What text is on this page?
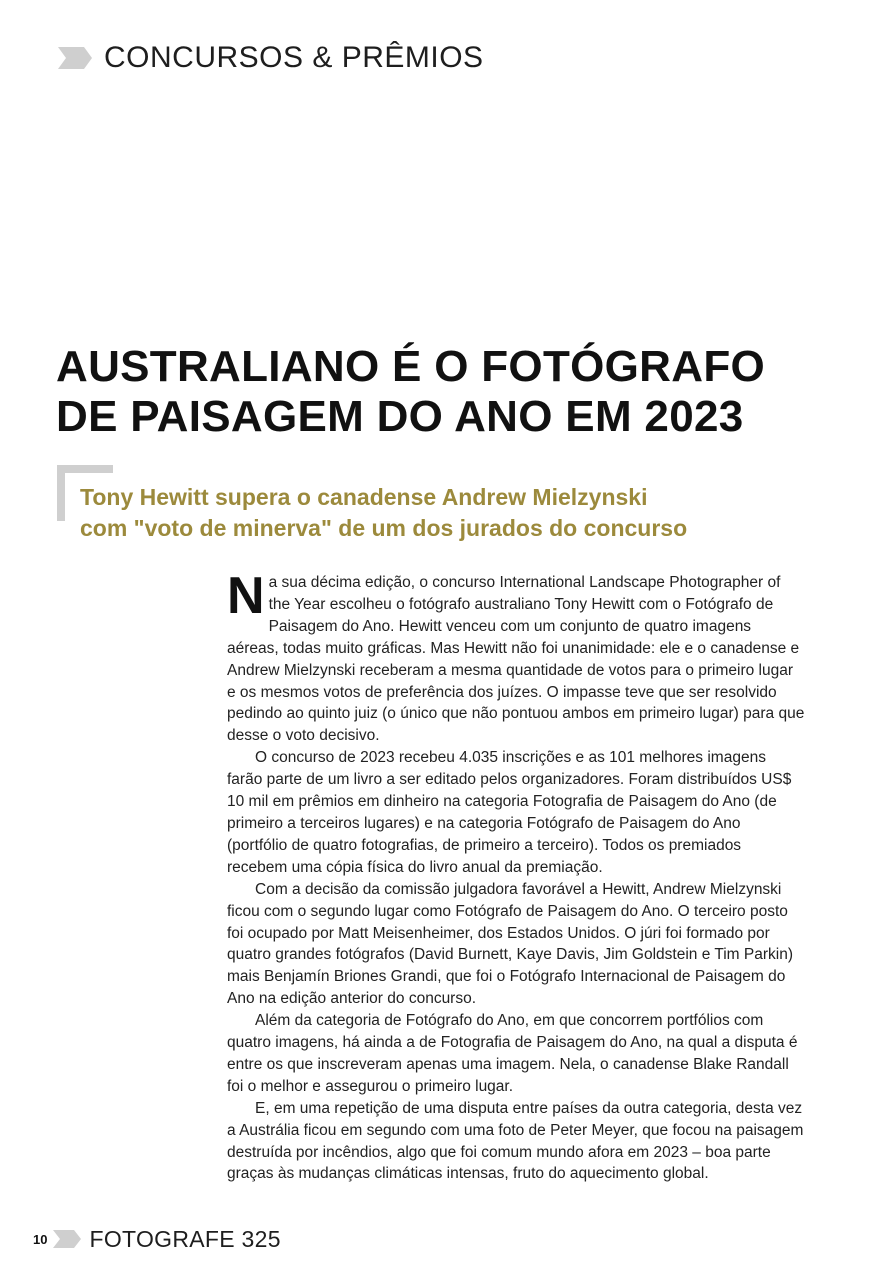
CONCURSOS & PRÊMIOS
AUSTRALIANO É O FOTÓGRAFO
DE PAISAGEM DO ANO EM 2023
Tony Hewitt supera o canadense Andrew Mielzynski
com "voto de minerva" de um dos jurados do concurso

Na sua décima edição, o concurso International Landscape Photographer of the Year escolheu o fotógrafo australiano Tony Hewitt com o Fotógrafo de Paisagem do Ano. Hewitt venceu com um conjunto de quatro imagens aéreas, todas muito gráficas. Mas Hewitt não foi unanimidade: ele e o canadense e Andrew Mielzynski receberam a mesma quantidade de votos para o primeiro lugar e os mesmos votos de preferência dos juízes. O impasse teve que ser resolvido pedindo ao quinto juiz (o único que não pontuou ambos em primeiro lugar) para que desse o voto decisivo.

O concurso de 2023 recebeu 4.035 inscrições e as 101 melhores imagens farão parte de um livro a ser editado pelos organizadores. Foram distribuídos US$ 10 mil em prêmios em dinheiro na categoria Fotografia de Paisagem do Ano (de primeiro a terceiros lugares) e na categoria Fotógrafo de Paisagem do Ano (portfólio de quatro fotografias, de primeiro a terceiro). Todos os premiados recebem uma cópia física do livro anual da premiação.

Com a decisão da comissão julgadora favorável a Hewitt, Andrew Mielzynski ficou com o segundo lugar como Fotógrafo de Paisagem do Ano. O terceiro posto foi ocupado por Matt Meisenheimer, dos Estados Unidos. O júri foi formado por quatro grandes fotógrafos (David Burnett, Kaye Davis, Jim Goldstein e Tim Parkin) mais Benjamín Briones Grandi, que foi o Fotógrafo Internacional de Paisagem do Ano na edição anterior do concurso.

Além da categoria de Fotógrafo do Ano, em que concorrem portfólios com quatro imagens, há ainda a de Fotografia de Paisagem do Ano, na qual a disputa é entre os que inscreveram apenas uma imagem. Nela, o canadense Blake Randall foi o melhor e assegurou o primeiro lugar.

E, em uma repetição de uma disputa entre países da outra categoria, desta vez a Austrália ficou em segundo com uma foto de Peter Meyer, que focou na paisagem destruída por incêndios, algo que foi comum mundo afora em 2023 – boa parte graças às mudanças climáticas intensas, fruto do aquecimento global.

10 FOTOGRAFE 325
